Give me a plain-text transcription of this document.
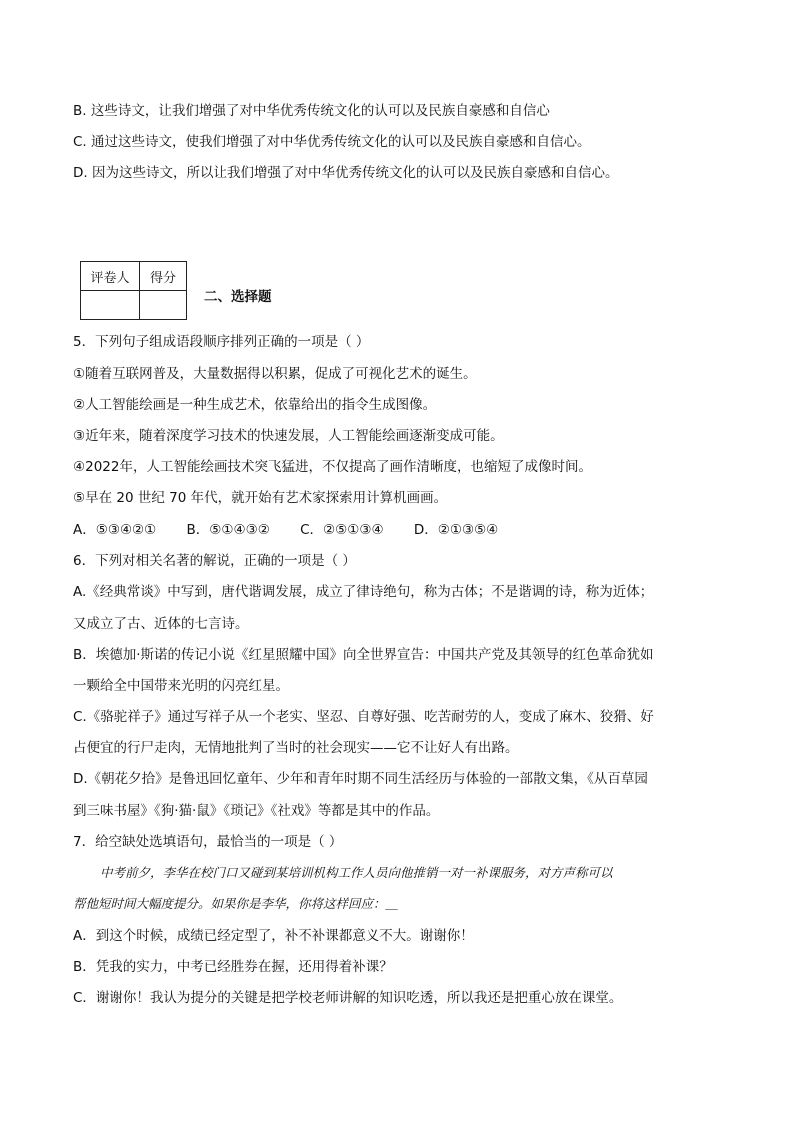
B. 这些诗文，让我们增强了对中华优秀传统文化的认可以及民族自豪感和自信心
C. 通过这些诗文，使我们增强了对中华优秀传统文化的认可以及民族自豪感和自信心。
D. 因为这些诗文，所以让我们增强了对中华优秀传统文化的认可以及民族自豪感和自信心。
评卷人	得分

二、选择题
5．下列句子组成语段顺序排列正确的一项是（ ）
①随着互联网普及，大量数据得以积累，促成了可视化艺术的诞生。
②人工智能绘画是一种生成艺术，依靠给出的指令生成图像。
③近年来，随着深度学习技术的快速发展，人工智能绘画逐渐变成可能。
④2022年，人工智能绘画技术突飞猛进，不仅提高了画作清晰度，也缩短了成像时间。
⑤早在 20 世纪 70 年代，就开始有艺术家探索用计算机画画。
A．⑤③④②① B．⑤①④③② C．②⑤①③④ D．②①③⑤④
6．下列对相关名著的解说，正确的一项是（ ）
A.《经典常谈》中写到，唐代谐调发展，成立了律诗绝句，称为古体；不是谐调的诗，称为近体；
又成立了古、近体的七言诗。
B．埃德加·斯诺的传记小说《红星照耀中国》向全世界宣告：中国共产党及其领导的红色革命犹如
一颗给全中国带来光明的闪亮红星。
C.《骆驼祥子》通过写祥子从一个老实、坚忍、自尊好强、吃苦耐劳的人，变成了麻木、狡猾、好
占便宜的行尸走肉，无情地批判了当时的社会现实——它不让好人有出路。
D.《朝花夕拾》是鲁迅回忆童年、少年和青年时期不同生活经历与体验的一部散文集，《从百草园
到三味书屋》《狗·猫·鼠》《琐记》《社戏》等都是其中的作品。
7．给空缺处选填语句，最恰当的一项是（ ）
中考前夕，李华在校门口又碰到某培训机构工作人员向他推销一对一补课服务，对方声称可以
帮他短时间大幅度提分。如果你是李华，你将这样回应：＿
A．到这个时候，成绩已经定型了，补不补课都意义不大。谢谢你！
B．凭我的实力，中考已经胜券在握，还用得着补课？
C．谢谢你！我认为提分的关键是把学校老师讲解的知识吃透，所以我还是把重心放在课堂。
